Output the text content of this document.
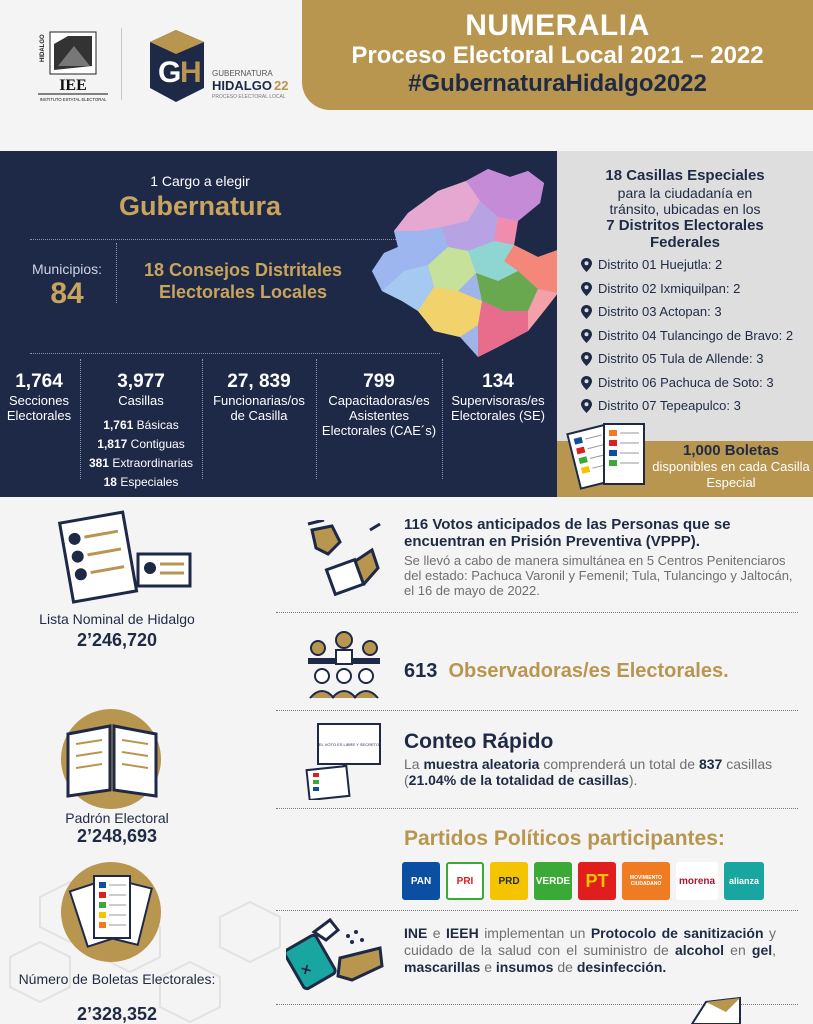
HIDALGO
IEE
INSTITUTO ESTATAL ELECTORAL
G
H GUBERNATURA
HIDALGO 22
PROCESO ELECTORAL LOCAL
NUMERALIA
Proceso Electoral Local 2021 – 2022
#GubernaturaHidalgo2022
1 Cargo a elegir
Gubernatura
Municipios:
84
18 Consejos Distritales Electorales Locales
1,764
Secciones Electorales
3,977
Casillas
1,761 Básicas
1,817 Contiguas
381 Extraordinarias
18 Especiales
27, 839
Funcionarias/os de Casilla
799
Capacitadoras/es Asistentes Electorales (CAE´s)
134
Supervisoras/es Electorales (SE)
18 Casillas Especiales
para la ciudadanía en tránsito, ubicadas en los
7 Distritos Electorales Federales
Distrito 01 Huejutla: 2
Distrito 02 Ixmiquilpan: 2
Distrito 03 Actopan: 3
Distrito 04 Tulancingo de Bravo: 2
Distrito 05 Tula de Allende: 3
Distrito 06 Pachuca de Soto: 3
Distrito 07 Tepeapulco: 3
1,000 Boletas
disponibles en cada Casilla Especial
Lista Nominal de Hidalgo
2’246,720
Padrón Electoral
2’248,693
Número de Boletas Electorales:
2’328,352
116 Votos anticipados de las Personas que se encuentran en Prisión Preventiva (VPPP).
Se llevó a cabo de manera simultánea en 5 Centros Penitenciaros del estado: Pachuca Varonil y Femenil; Tula, Tulancingo y Jaltocán, el 16 de mayo de 2022.
613 Observadoras/es Electorales.
EL VOTO ES LIBRE Y SECRETO Conteo Rápido
La muestra aleatoria comprenderá un total de 837 casillas (21.04% de la totalidad de casillas).
Partidos Políticos participantes:
PAN	PRI	PRD	VERDE PT	MOVIMIENTO CIUDADANO	morena	alianza
×
INE e IEEH implementan un Protocolo de sanitización y cuidado de la salud con el suministro de alcohol en gel, mascarillas e insumos de desinfección.
